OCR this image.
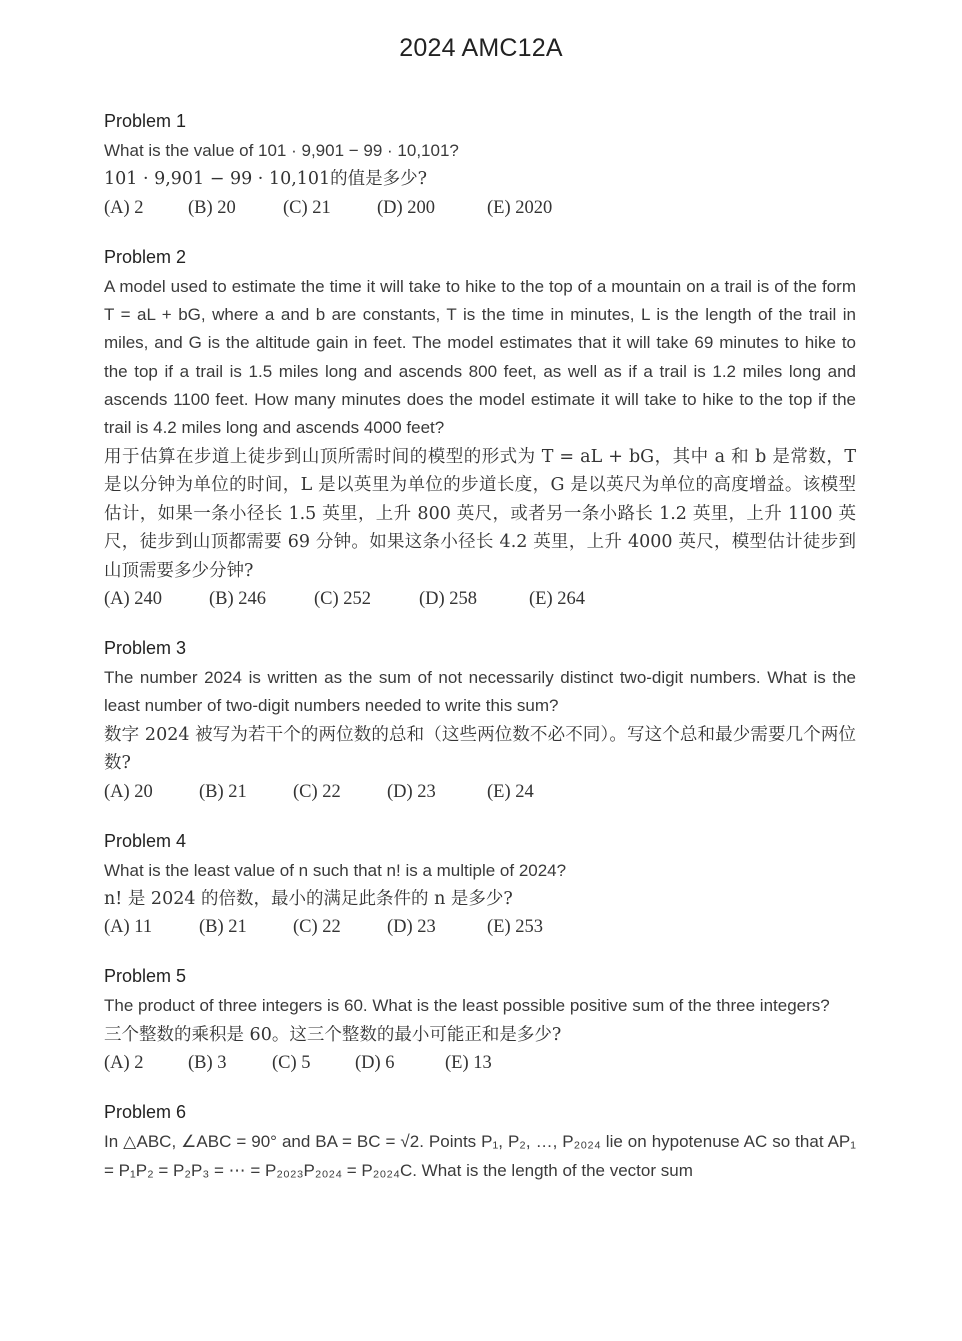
2024 AMC12A
Problem 1

What is the value of 101 · 9,901 − 99 · 10,101?

101 · 9,901 − 99 · 10,101的值是多少?

(A) 2 (B) 20	(C) 21 (D) 200	(E) 2020
Problem 2

A model used to estimate the time it will take to hike to the top of a mountain on a trail is of the form T = aL + bG, where a and b are constants, T is the time in minutes, L is the length of the trail in miles, and G is the altitude gain in feet. The model estimates that it will take 69 minutes to hike to the top if a trail is 1.5 miles long and ascends 800 feet, as well as if a trail is 1.2 miles long and ascends 1100 feet. How many minutes does the model estimate it will take to hike to the top if the trail is 4.2 miles long and ascends 4000 feet?

用于估算在步道上徒步到山顶所需时间的模型的形式为 T = aL + bG，其中 a 和 b 是常数，T 是以分钟为单位的时间，L 是以英里为单位的步道长度，G 是以英尺为单位的高度增益。该模型估计，如果一条小径长 1.5 英里，上升 800 英尺，或者另一条小路长 1.2 英里，上升 1100 英尺，徒步到山顶都需要 69 分钟。如果这条小径长 4.2 英里，上升 4000 英尺，模型估计徒步到山顶需要多少分钟?

(A) 240	(B) 246	(C) 252	(D) 258	(E) 264
Problem 3

The number 2024 is written as the sum of not necessarily distinct two-digit numbers. What is the least number of two-digit numbers needed to write this sum?

数字 2024 被写为若干个的两位数的总和（这些两位数不必不同）。写这个总和最少需要几个两位数?

(A) 20 (B) 21 (C) 22 (D) 23	(E) 24
Problem 4

What is the least value of n such that n! is a multiple of 2024?

n! 是 2024 的倍数，最小的满足此条件的 n 是多少?

(A) 11	(B) 21 (C) 22 (D) 23	(E) 253
Problem 5

The product of three integers is 60. What is the least possible positive sum of the three integers?

三个整数的乘积是 60。这三个整数的最小可能正和是多少?

(A) 2 (B) 3 (C) 5 (D) 6	(E) 13
Problem 6

In △ABC, ∠ABC = 90° and BA = BC = √2. Points P₁, P₂, …, P₂₀₂₄ lie on hypotenuse AC so that AP₁ = P₁P₂ = P₂P₃ = ⋯ = P₂₀₂₃P₂₀₂₄ = P₂₀₂₄C. What is the length of the vector sum
